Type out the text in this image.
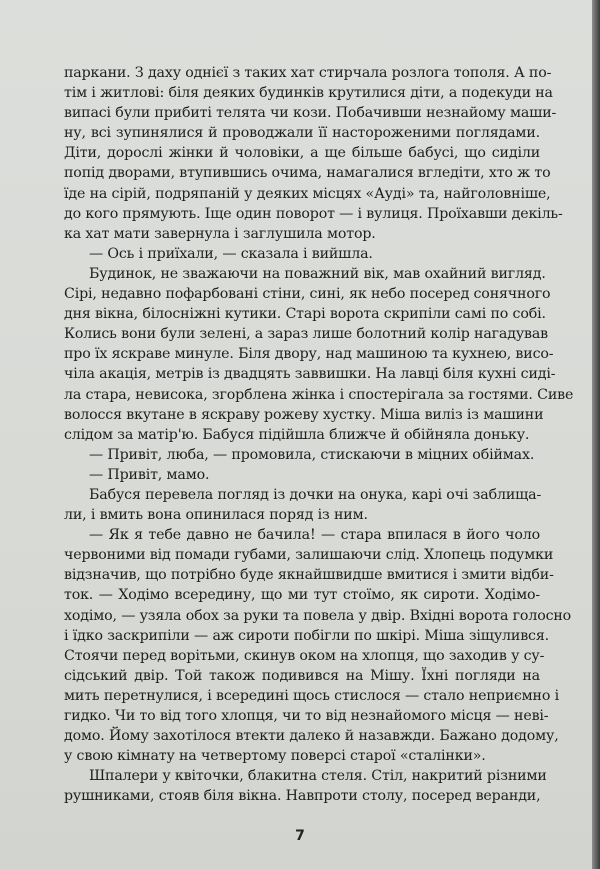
паркани. З даху однієї з таких хат стирчала розлога тополя. А по-
тім і житлові: біля деяких будинків крутилися діти, а подекуди на
випасі були прибиті телята чи кози. Побачивши незнайому маши-
ну, всі зупинялися й проводжали її настороженими поглядами.
Діти, дорослі жінки й чоловіки, а ще більше бабусі, що сиділи
попід дворами, втупившись очима, намагалися вгледіти, хто ж то
їде на сірій, подряпаній у деяких місцях «Ауді» та, найголовніше,
до кого прямують. Іще один поворот — і вулиця. Проїхавши декіль-
ка хат мати завернула і заглушила мотор.
— Ось і приїхали, — сказала і вийшла.
Будинок, не зважаючи на поважний вік, мав охайний вигляд.
Сірі, недавно пофарбовані стіни, сині, як небо посеред сонячного
дня вікна, білосніжні кутики. Старі ворота скрипіли самі по собі.
Колись вони були зелені, а зараз лише болотний колір нагадував
про їх яскраве минуле. Біля двору, над машиною та кухнею, висо-
чіла акація, метрів із двадцять заввишки. На лавці біля кухні сиді-
ла стара, невисока, згорблена жінка і спостерігала за гостями. Сиве
волосся вкутане в яскраву рожеву хустку. Міша виліз із машини
слідом за матір'ю. Бабуся підійшла ближче й обійняла доньку.
— Привіт, люба, — промовила, стискаючи в міцних обіймах.
— Привіт, мамо.
Бабуся перевела погляд із дочки на онука, карі очі заблища-
ли, і вмить вона опинилася поряд із ним.
— Як я тебе давно не бачила! — стара впилася в його чоло
червоними від помади губами, залишаючи слід. Хлопець подумки
відзначив, що потрібно буде якнайшвидше вмитися і змити відби-
ток. — Ходімо всередину, що ми тут стоїмо, як сироти. Ходімо-
ходімо, — узяла обох за руки та повела у двір. Вхідні ворота голосно
і їдко заскрипіли — аж сироти побігли по шкірі. Міша зіщулився.
Стоячи перед ворітьми, скинув оком на хлопця, що заходив у су-
сідський двір. Той також подивився на Мішу. Їхні погляди на
мить перетнулися, і всередині щось стислося — стало неприємно і
гидко. Чи то від того хлопця, чи то від незнайомого місця — неві-
домо. Йому захотілося втекти далеко й назавжди. Бажано додому,
у свою кімнату на четвертому поверсі старої «сталінки».
Шпалери у квіточки, блакитна стеля. Стіл, накритий різними
рушниками, стояв біля вікна. Навпроти столу, посеред веранди,
7
